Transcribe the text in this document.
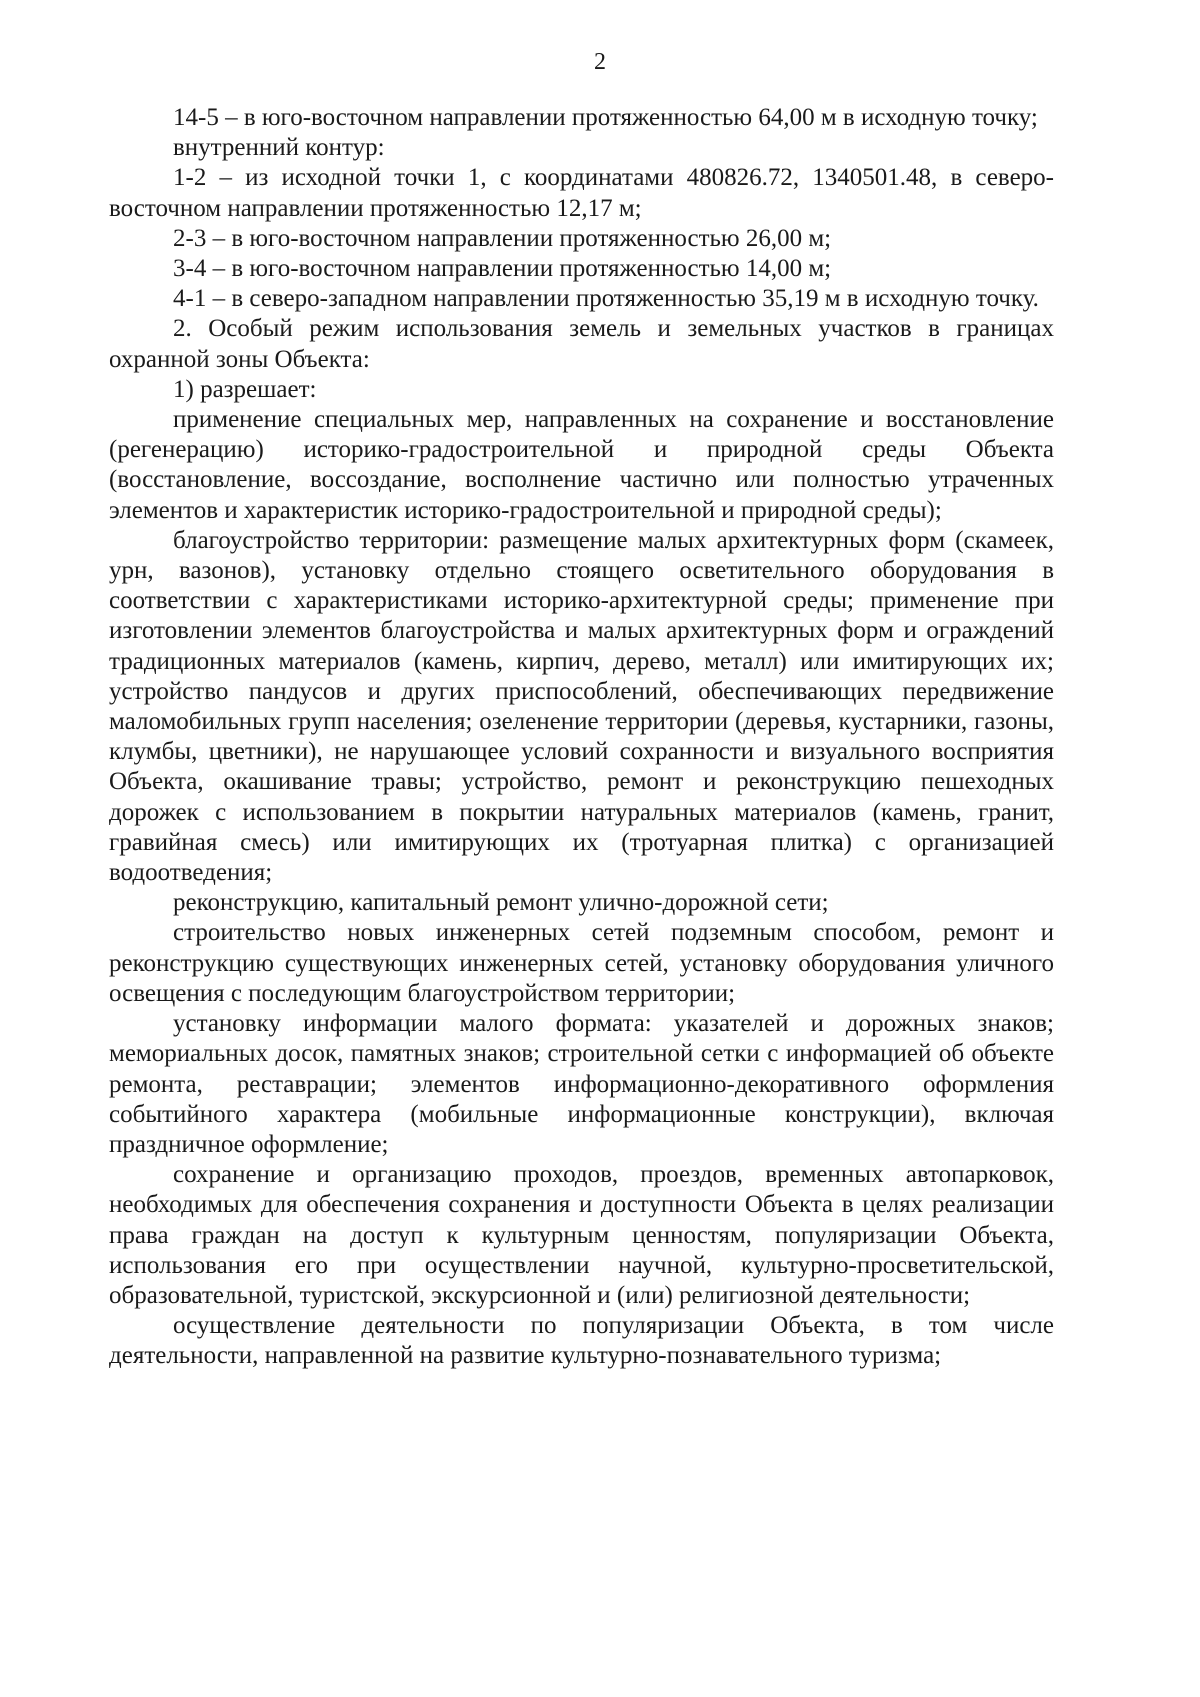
2

14-5 – в юго-восточном направлении протяженностью 64,00 м в исходную точку;

внутренний контур:

1-2 – из исходной точки 1, с координатами 480826.72, 1340501.48, в северо-восточном направлении протяженностью 12,17 м;

2-3 – в юго-восточном направлении протяженностью 26,00 м;

3-4 – в юго-восточном направлении протяженностью 14,00 м;

4-1 – в северо-западном направлении протяженностью 35,19 м в исходную точку.

2. Особый режим использования земель и земельных участков в границах охранной зоны Объекта:

1) разрешает:

применение специальных мер, направленных на сохранение и восстановление (регенерацию) историко-градостроительной и природной среды Объекта (восстановление, воссоздание, восполнение частично или полностью утраченных элементов и характеристик историко-градостроительной и природной среды);

благоустройство территории: размещение малых архитектурных форм (скамеек, урн, вазонов), установку отдельно стоящего осветительного оборудования в соответствии с характеристиками историко-архитектурной среды; применение при изготовлении элементов благоустройства и малых архитектурных форм и ограждений традиционных материалов (камень, кирпич, дерево, металл) или имитирующих их; устройство пандусов и других приспособлений, обеспечивающих передвижение маломобильных групп населения; озеленение территории (деревья, кустарники, газоны, клумбы, цветники), не нарушающее условий сохранности и визуального восприятия Объекта, окашивание травы; устройство, ремонт и реконструкцию пешеходных дорожек с использованием в покрытии натуральных материалов (камень, гранит, гравийная смесь) или имитирующих их (тротуарная плитка) с организацией водоотведения;

реконструкцию, капитальный ремонт улично-дорожной сети;

строительство новых инженерных сетей подземным способом, ремонт и реконструкцию существующих инженерных сетей, установку оборудования уличного освещения с последующим благоустройством территории;

установку информации малого формата: указателей и дорожных знаков; мемориальных досок, памятных знаков; строительной сетки с информацией об объекте ремонта, реставрации; элементов информационно-декоративного оформления событийного характера (мобильные информационные конструкции), включая праздничное оформление;

сохранение и организацию проходов, проездов, временных автопарковок, необходимых для обеспечения сохранения и доступности Объекта в целях реализации права граждан на доступ к культурным ценностям, популяризации Объекта, использования его при осуществлении научной, культурно-просветительской, образовательной, туристской, экскурсионной и (или) религиозной деятельности;

осуществление деятельности по популяризации Объекта, в том числе деятельности, направленной на развитие культурно-познавательного туризма;
